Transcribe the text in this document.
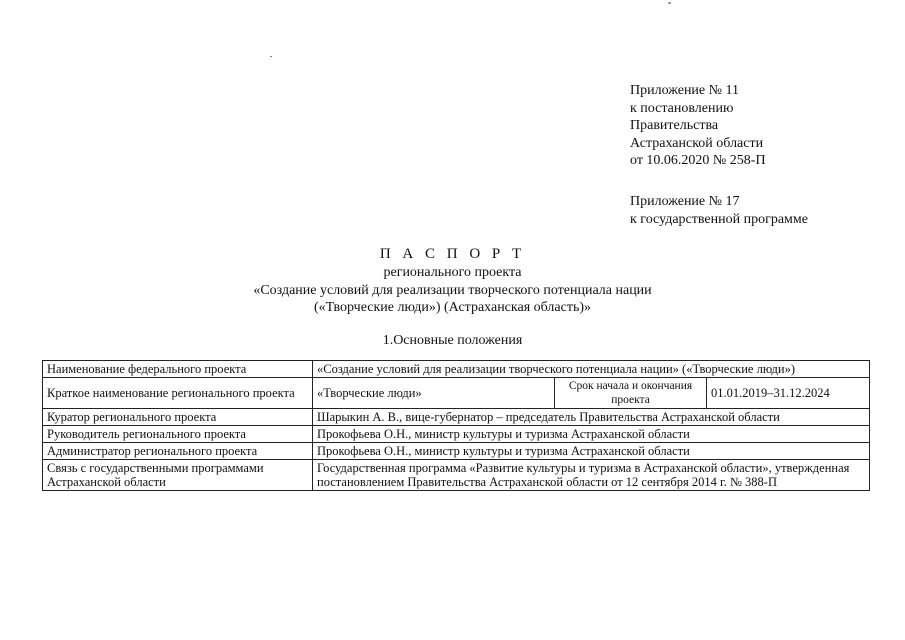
Приложение № 11
к постановлению
Правительства
Астраханской области
от 10.06.2020 № 258-П
Приложение № 17
к государственной программе
П А С П О Р Т
регионального проекта
«Создание условий для реализации творческого потенциала нации
(«Творческие люди») (Астраханская область)»
1.Основные положения
Наименование федерального проекта	«Создание условий для реализации творческого потенциала нации» («Творческие люди»)		
Краткое наименование регионального проекта	«Творческие люди»	Срок начала и окончания проекта	01.01.2019–31.12.2024
Куратор регионального проекта	Шарыкин А. В., вице-губернатор – председатель Правительства Астраханской области		
Руководитель регионального проекта	Прокофьева О.Н., министр культуры и туризма Астраханской области		
Администратор регионального проекта	Прокофьева О.Н., министр культуры и туризма Астраханской области		
Связь с государственными программами Астраханской области	Государственная программа «Развитие культуры и туризма в Астраханской области», утвержденная постановлением Правительства Астраханской области от 12 сентября 2014 г. № 388-П		
